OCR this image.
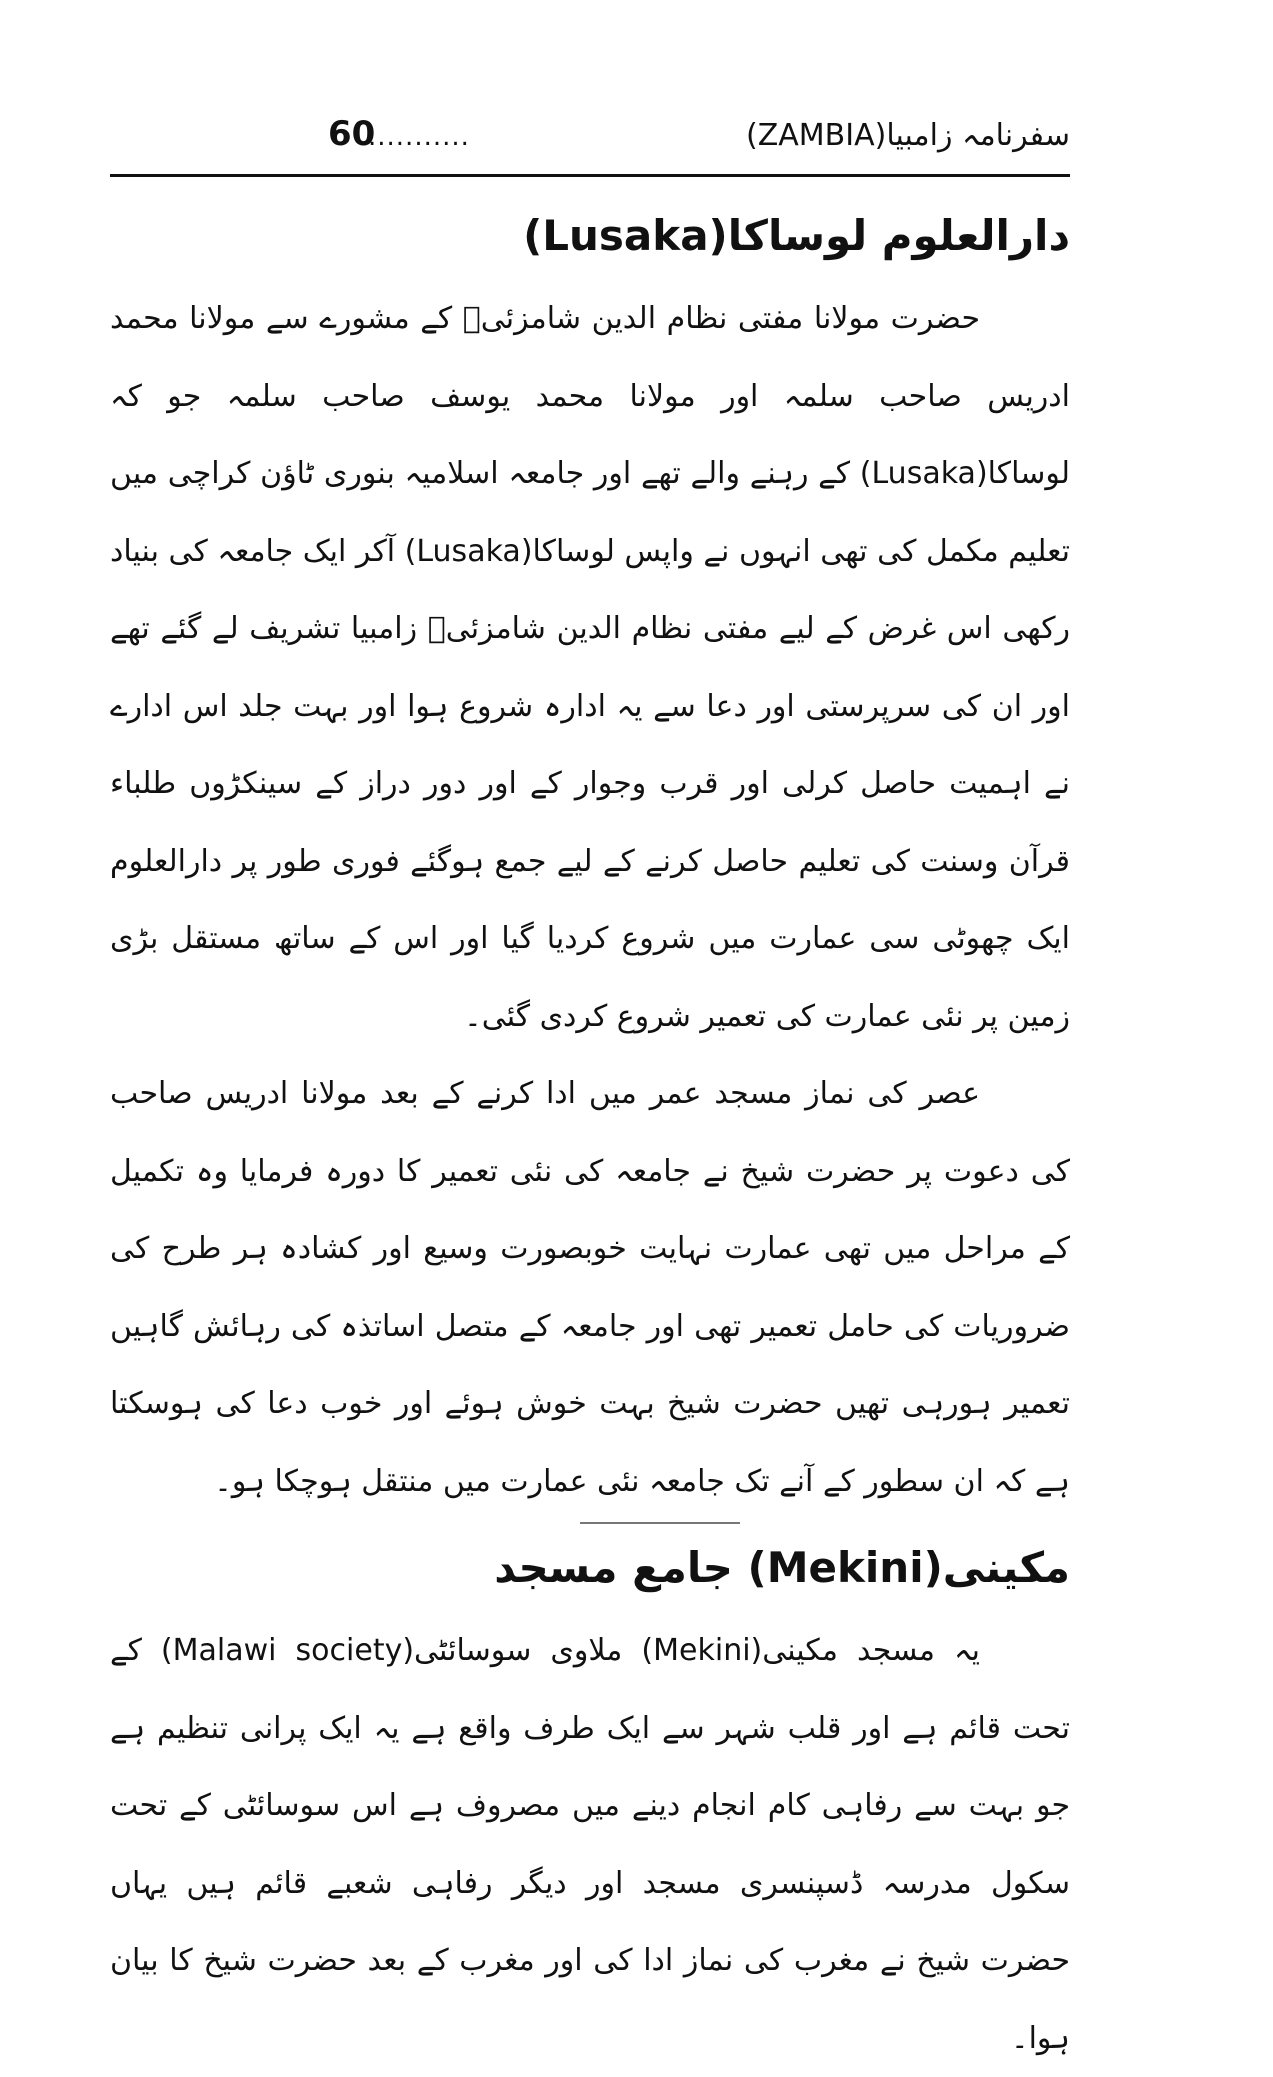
60
...........	سفرنامہ زامبیا(ZAMBIA)
دارالعلوم لوساکا(Lusaka)

حضرت مولانا مفتی نظام الدین شامزئیؒ کے مشورے سے مولانا محمد ادریس صاحب سلمہ اور مولانا محمد یوسف صاحب سلمہ جو کہ لوساکا(Lusaka) کے رہنے والے تھے اور جامعہ اسلامیہ بنوری ٹاؤن کراچی میں تعلیم مکمل کی تھی انہوں نے واپس لوساکا(Lusaka) آکر ایک جامعہ کی بنیاد رکھی اس غرض کے لیے مفتی نظام الدین شامزئیؒ زامبیا تشریف لے گئے تھے اور ان کی سرپرستی اور دعا سے یہ ادارہ شروع ہوا اور بہت جلد اس ادارے نے اہمیت حاصل کرلی اور قرب وجوار کے اور دور دراز کے سینکڑوں طلباء قرآن وسنت کی تعلیم حاصل کرنے کے لیے جمع ہوگئے فوری طور پر دارالعلوم ایک چھوٹی سی عمارت میں شروع کردیا گیا اور اس کے ساتھ مستقل بڑی زمین پر نئی عمارت کی تعمیر شروع کردی گئی۔

عصر کی نماز مسجد عمر میں ادا کرنے کے بعد مولانا ادریس صاحب کی دعوت پر حضرت شیخ نے جامعہ کی نئی تعمیر کا دورہ فرمایا وہ تکمیل کے مراحل میں تھی عمارت نہایت خوبصورت وسیع اور کشادہ ہر طرح کی ضروریات کی حامل تعمیر تھی اور جامعہ کے متصل اساتذہ کی رہائش گاہیں تعمیر ہورہی تھیں حضرت شیخ بہت خوش ہوئے اور خوب دعا کی ہوسکتا ہے کہ ان سطور کے آنے تک جامعہ نئی عمارت میں منتقل ہوچکا ہو۔

مکینی(Mekini) جامع مسجد

یہ مسجد مکینی(Mekini) ملاوی سوسائٹی(Malawi society) کے تحت قائم ہے اور قلب شہر سے ایک طرف واقع ہے یہ ایک پرانی تنظیم ہے جو بہت سے رفاہی کام انجام دینے میں مصروف ہے اس سوسائٹی کے تحت سکول مدرسہ ڈسپنسری مسجد اور دیگر رفاہی شعبے قائم ہیں یہاں حضرت شیخ نے مغرب کی نماز ادا کی اور مغرب کے بعد حضرت شیخ کا بیان ہوا۔
